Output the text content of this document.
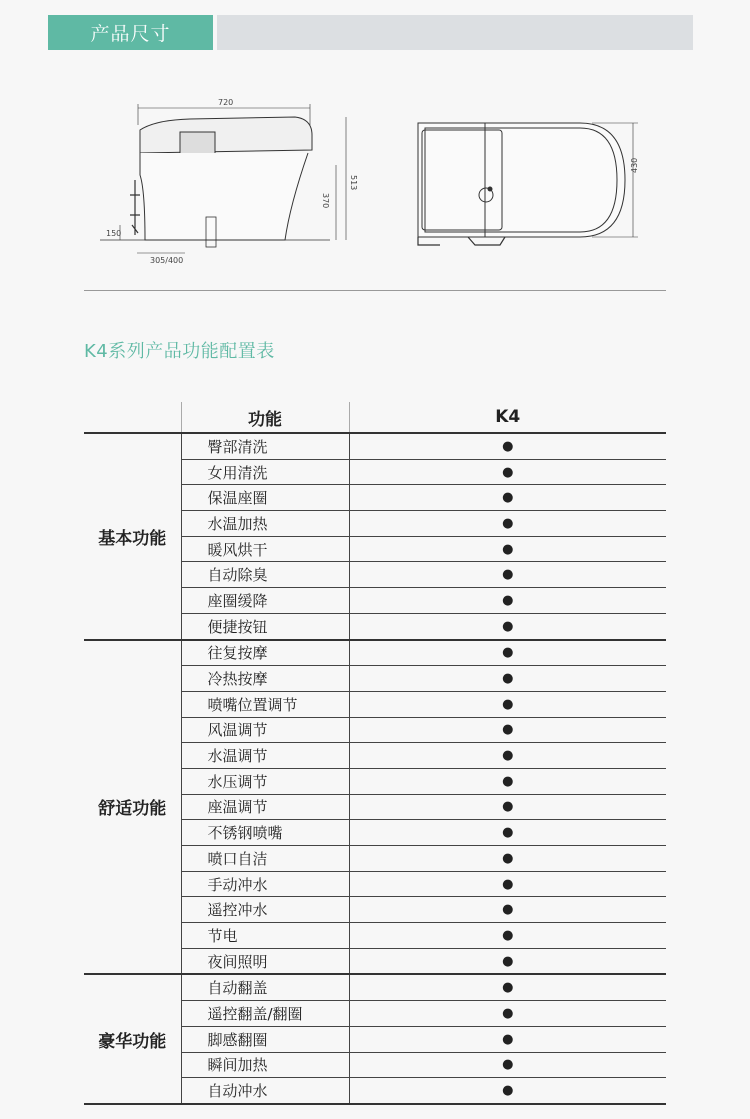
产品尺寸
720
513
370
150
305/400
430
K4系列产品功能配置表
	功能	K4
基本功能	臀部清洗	●
	女用清洗	●
	保温座圈	●
	水温加热	●
	暖风烘干	●
	自动除臭	●
	座圈缓降	●
	便捷按钮	●
舒适功能	往复按摩	●
	冷热按摩	●
	喷嘴位置调节	●
	风温调节	●
	水温调节	●
	水压调节	●
	座温调节	●
	不锈钢喷嘴	●
	喷口自洁	●
	手动冲水	●
	遥控冲水	●
	节电	●
	夜间照明	●
豪华功能	自动翻盖	●
	遥控翻盖/翻圈	●
	脚感翻圈	●
	瞬间加热	●
	自动冲水	●
